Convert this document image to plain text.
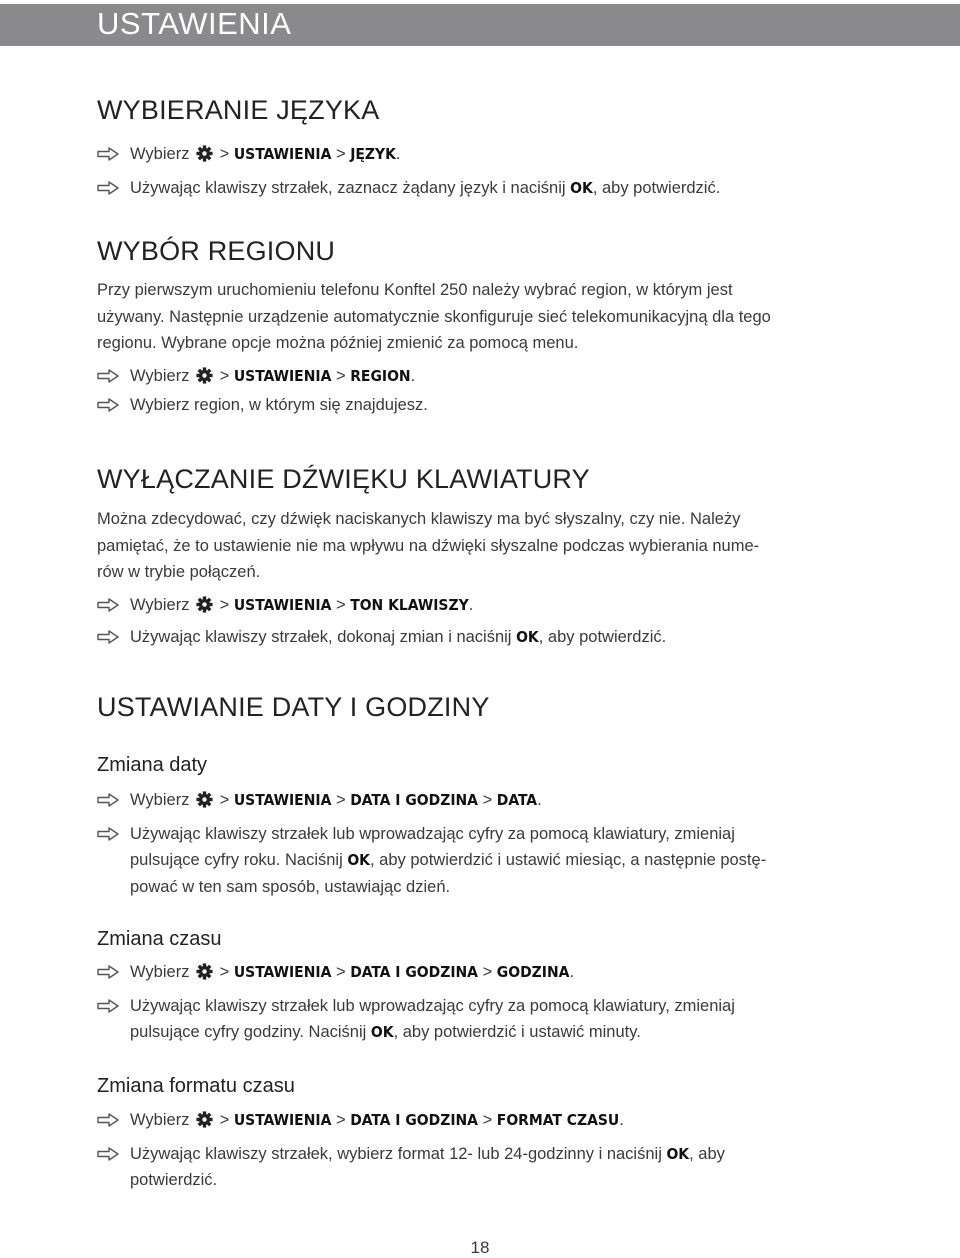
USTAWIENIA
WYBIERANIE JĘZYKA
Wybierz  > USTAWIENIA > JĘZYK.
Używając klawiszy strzałek, zaznacz żądany język i naciśnij OK, aby potwierdzić.
WYBÓR REGIONU

Przy pierwszym uruchomieniu telefonu Konftel 250 należy wybrać region, w którym jest

używany. Następnie urządzenie automatycznie skonfiguruje sieć telekomunikacyjną dla tego

regionu. Wybrane opcje można później zmienić za pomocą menu.

Wybierz  > USTAWIENIA > REGION.
Wybierz region, w którym się znajdujesz.
WYŁĄCZANIE DŹWIĘKU KLAWIATURY

Można zdecydować, czy dźwięk naciskanych klawiszy ma być słyszalny, czy nie. Należy

pamiętać, że to ustawienie nie ma wpływu na dźwięki słyszalne podczas wybierania nume-

rów w trybie połączeń.

Wybierz  > USTAWIENIA > TON KLAWISZY.
Używając klawiszy strzałek, dokonaj zmian i naciśnij OK, aby potwierdzić.
USTAWIANIE DATY I GODZINY
Zmiana daty
Wybierz  > USTAWIENIA > DATA I GODZINA > DATA.
Używając klawiszy strzałek lub wprowadzając cyfry za pomocą klawiatury, zmieniaj
pulsujące cyfry roku. Naciśnij OK, aby potwierdzić i ustawić miesiąc, a następnie postę-
pować w ten sam sposób, ustawiając dzień.
Zmiana czasu
Wybierz  > USTAWIENIA > DATA I GODZINA > GODZINA.
Używając klawiszy strzałek lub wprowadzając cyfry za pomocą klawiatury, zmieniaj
pulsujące cyfry godziny. Naciśnij OK, aby potwierdzić i ustawić minuty.
Zmiana formatu czasu
Wybierz  > USTAWIENIA > DATA I GODZINA > FORMAT CZASU.
Używając klawiszy strzałek, wybierz format 12- lub 24-godzinny i naciśnij OK, aby
potwierdzić.
18
